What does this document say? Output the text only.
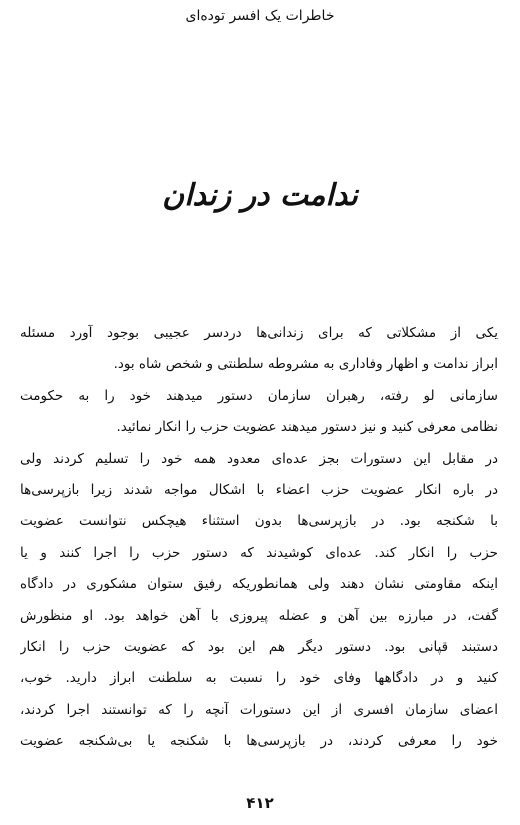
خاطرات یک افسر توده‌ای
ندامت در زندان
یکی از مشکلاتی که برای زندانی‌ها دردسر عجیبی بوجود آورد مسئله
ابراز ندامت و اظهار وفاداری به مشروطه سلطنتی و شخص شاه بود.
سازمانی لو رفته، رهبران سازمان دستور میدهند خود را به حکومت
نظامی معرفی کنید و نیز دستور میدهند عضویت حزب را انکار نمائید.
در مقابل این دستورات بجز عده‌ای معدود همه خود را تسلیم کردند ولی
در باره انکار عضویت حزب اعضاء با اشکال مواجه شدند زیرا بازپرسی‌ها
با شکنجه بود. در بازپرسی‌ها بدون استثناء هیچکس نتوانست عضویت
حزب را انکار کند. عده‌ای کوشیدند که دستور حزب را اجرا کنند و یا
اینکه مقاومتی نشان دهند ولی همانطوریکه رفیق ستوان مشکوری در دادگاه
گفت، در مبارزه بین آهن و عضله پیروزی با آهن خواهد بود. او منظورش
دستبند قپانی بود. دستور دیگر هم این بود که عضویت حزب را انکار
کنید و در دادگاهها وفای خود را نسبت به سلطنت ابراز دارید. خوب،
اعضای سازمان افسری از این دستورات آنچه را که توانستند اجرا کردند،
خود را معرفی کردند، در بازپرسی‌ها با شکنجه یا بی‌شکنجه عضویت
۴۱۲
